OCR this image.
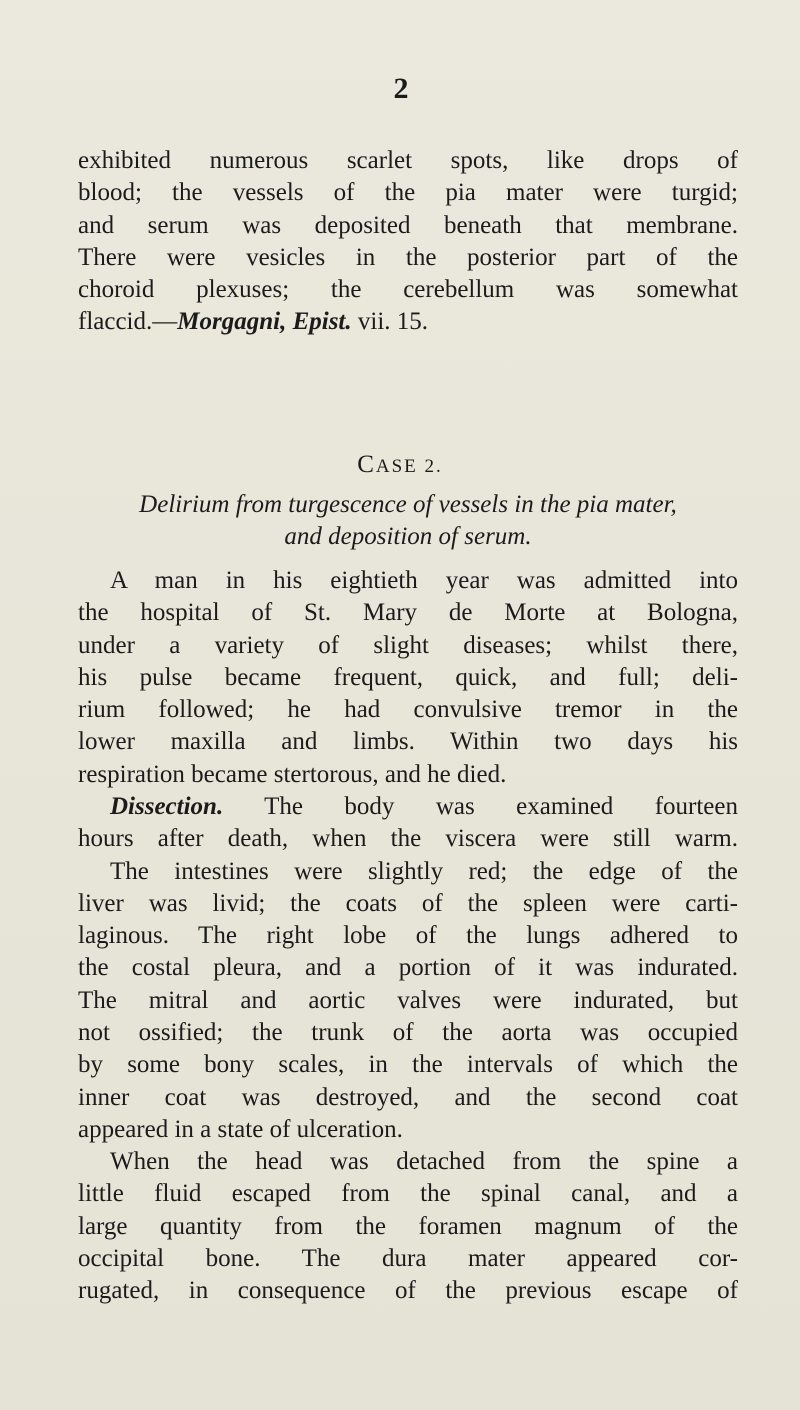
2
exhibited numerous scarlet spots, like drops of
blood; the vessels of the pia mater were turgid;
and serum was deposited beneath that membrane.
There were vesicles in the posterior part of the
choroid plexuses; the cerebellum was somewhat
flaccid.—Morgagni, Epist. vii. 15.
CASE 2.
Delirium from turgescence of vessels in the pia mater,
and deposition of serum.
A man in his eightieth year was admitted into
the hospital of St. Mary de Morte at Bologna,
under a variety of slight diseases; whilst there,
his pulse became frequent, quick, and full; deli-
rium followed; he had convulsive tremor in the
lower maxilla and limbs. Within two days his
respiration became stertorous, and he died.
Dissection. The body was examined fourteen
hours after death, when the viscera were still warm.
The intestines were slightly red; the edge of the
liver was livid; the coats of the spleen were carti-
laginous. The right lobe of the lungs adhered to
the costal pleura, and a portion of it was indurated.
The mitral and aortic valves were indurated, but
not ossified; the trunk of the aorta was occupied
by some bony scales, in the intervals of which the
inner coat was destroyed, and the second coat
appeared in a state of ulceration.
When the head was detached from the spine a
little fluid escaped from the spinal canal, and a
large quantity from the foramen magnum of the
occipital bone. The dura mater appeared cor-
rugated, in consequence of the previous escape of
